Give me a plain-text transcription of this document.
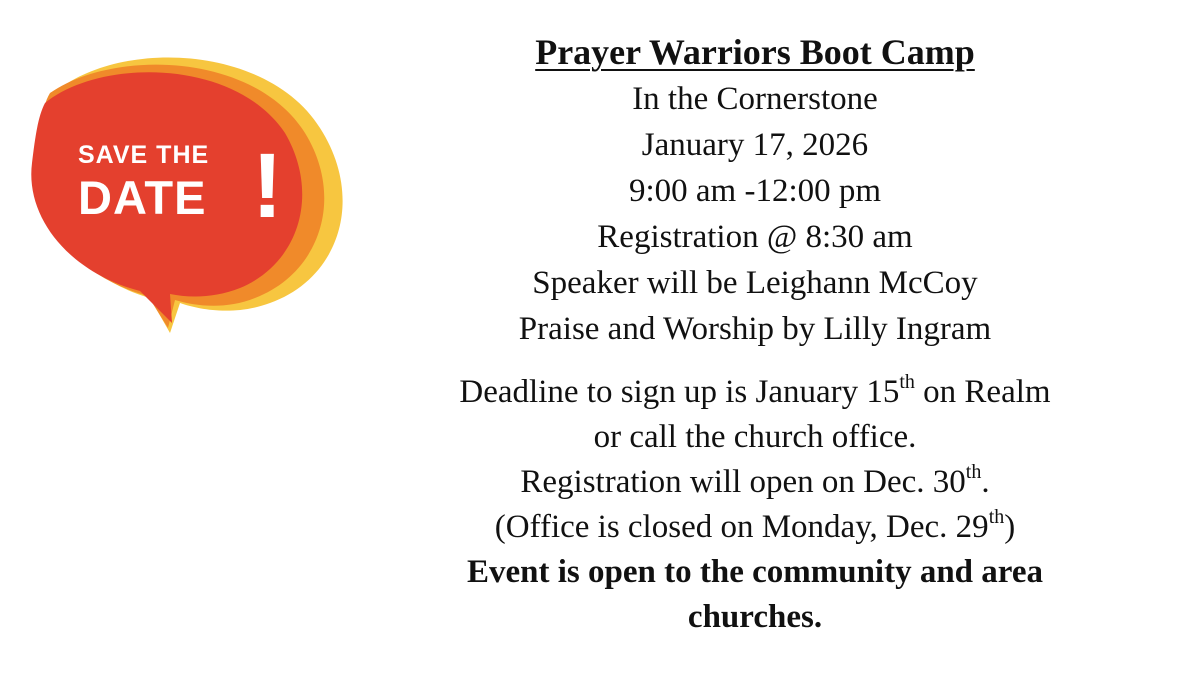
SAVE THE
DATE !
Prayer Warriors Boot Camp
In the Cornerstone
January 17, 2026
9:00 am -12:00 pm
Registration @ 8:30 am
Speaker will be Leighann McCoy
Praise and Worship by Lilly Ingram
Deadline to sign up is January 15th on Realm
or call the church office.
Registration will open on Dec. 30th.
(Office is closed on Monday, Dec. 29th)

Event is open to the community and area churches.
